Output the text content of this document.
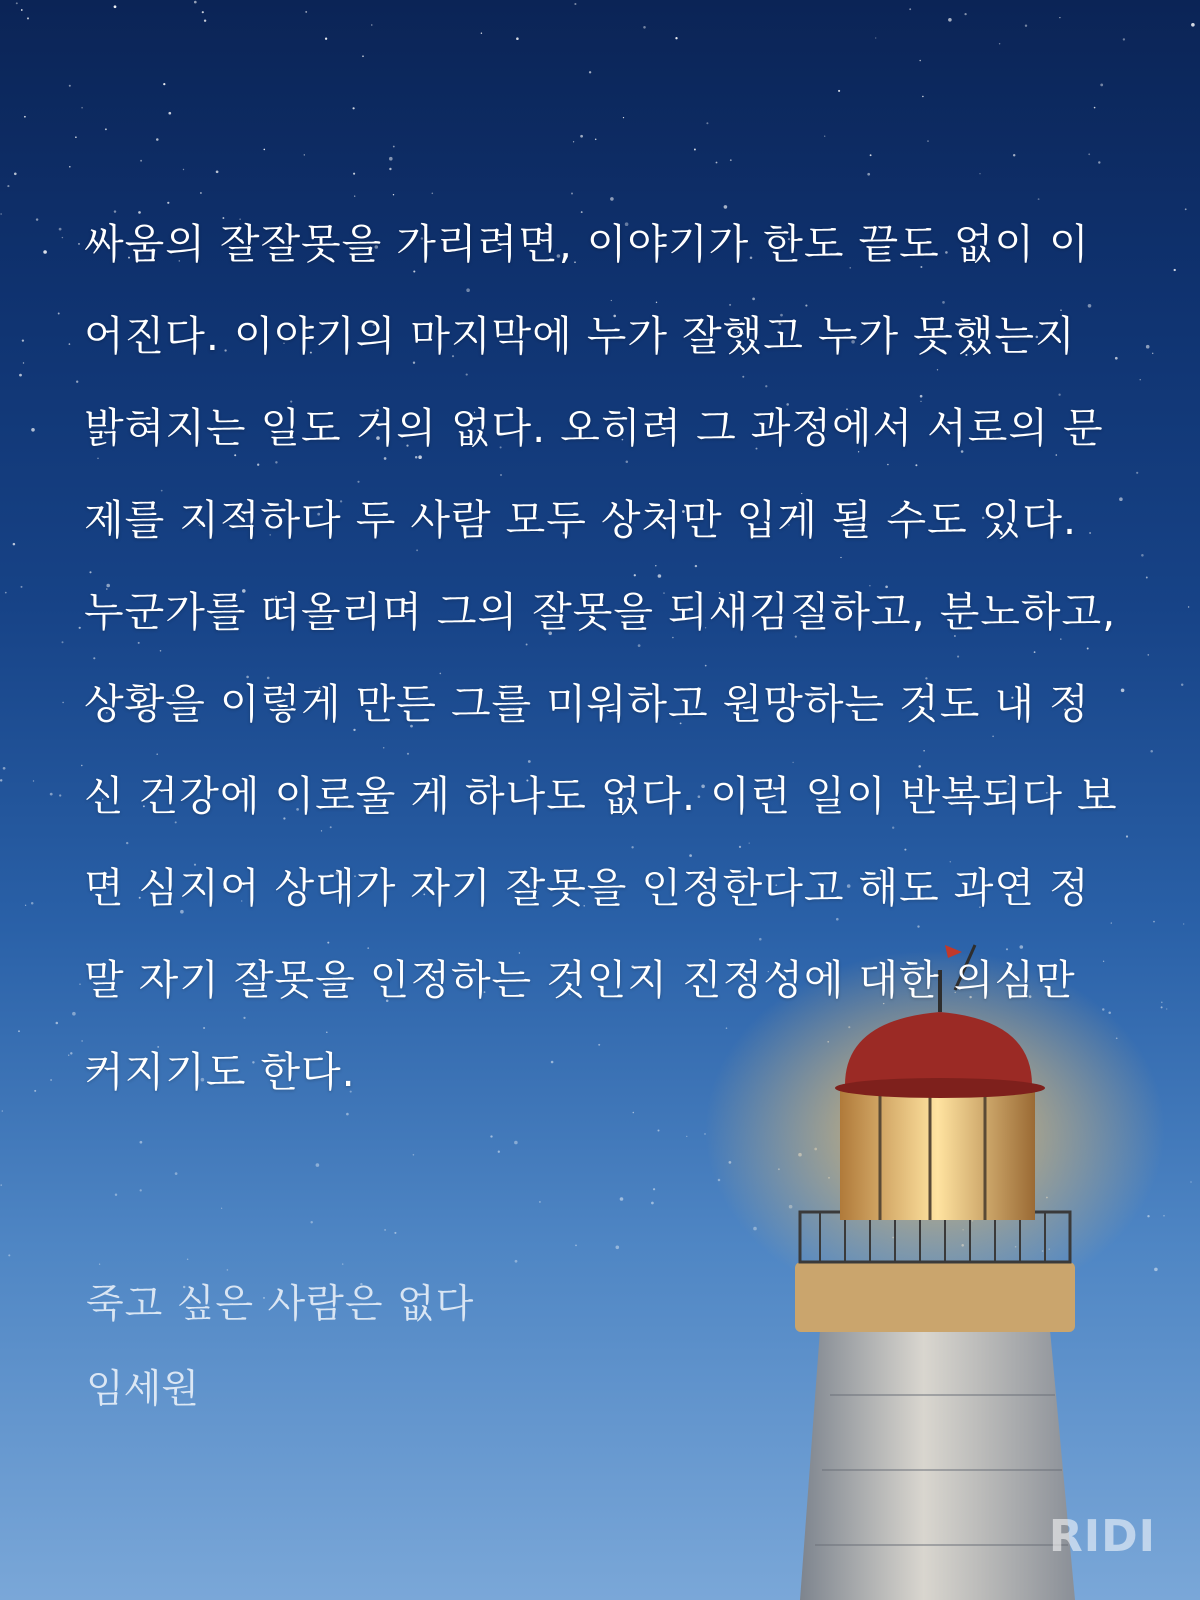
싸움의 잘잘못을 가리려면, 이야기가 한도 끝도 없이 이어진다. 이야기의 마지막에 누가 잘했고 누가 못했는지 밝혀지는 일도 거의 없다. 오히려 그 과정에서 서로의 문제를 지적하다 두 사람 모두 상처만 입게 될 수도 있다.

누군가를 떠올리며 그의 잘못을 되새김질하고, 분노하고, 상황을 이렇게 만든 그를 미워하고 원망하는 것도 내 정신 건강에 이로울 게 하나도 없다. 이런 일이 반복되다 보면 심지어 상대가 자기 잘못을 인정한다고 해도 과연 정말 자기 잘못을 인정하는 것인지 진정성에 대한 의심만 커지기도 한다.

죽고 싶은 사람은 없다
임세원
RIDI
